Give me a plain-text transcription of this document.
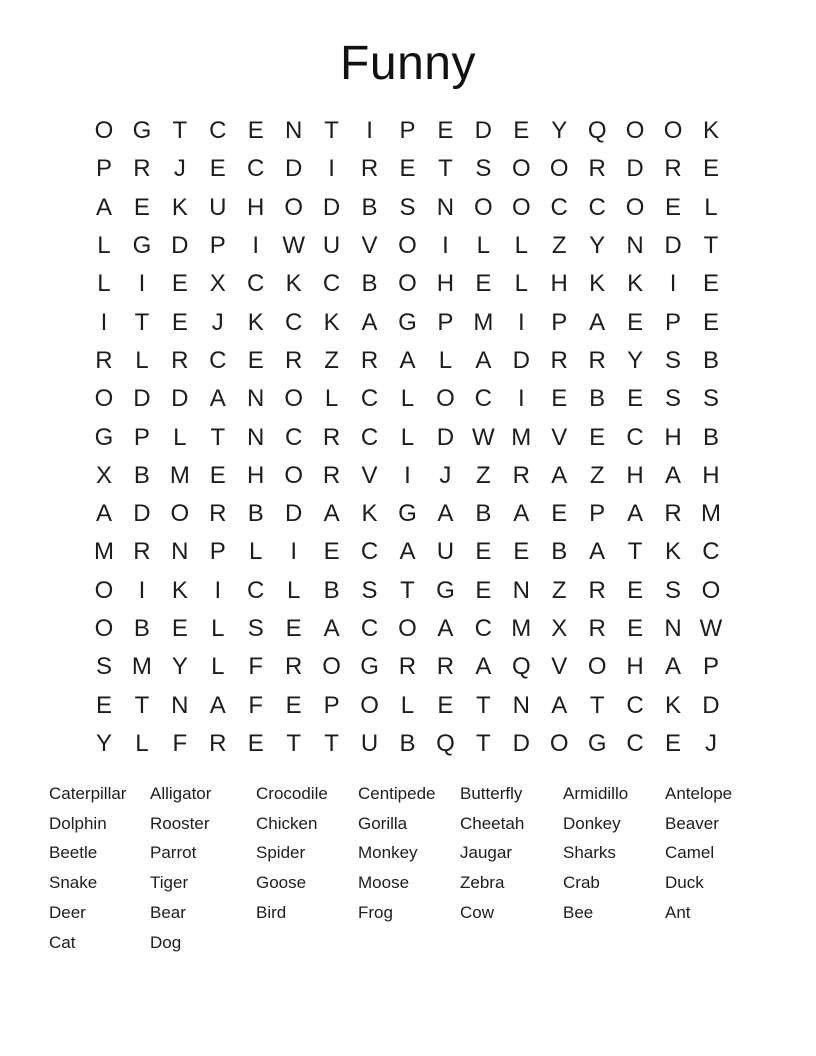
Funny
O G T C E N T	I	P E D E Y Q O O K
P R J E C D	I	R E T S O O R D R E
A E K U H O D B S N O O C C O E L
L G D P	I W U V O	I	L	L Z Y N D T
L	I	E X C K C B O H E L H K K	I	E
I	T E J K C K A G P M	I	P A E P E
R L R C E R Z R A L A D R R Y S B
O D D A N O L C L O C	I	E B E S S
G P L T N C R C L D W M V E C H B
X B M E H O R V	I	J	Z R A Z H A H
A D O R B D A K G A B A E P A R M
M R N P L	I	E C A U E E B A T K C
O	I	K	I	C L B S T G E N Z R E S O
O B E L S E A C O A C M X R E N W
S M Y L F R O G R R A Q V O H A P
E T N A F E P O L E T N A T C K D
Y L F R E T T U B Q T D O G C E J
Caterpillar	Alligator	Crocodile	Centipede	Butterfly	Armidillo	Antelope
Dolphin	Rooster	Chicken	Gorilla	Cheetah	Donkey	Beaver
Beetle	Parrot	Spider	Monkey	Jaugar	Sharks	Camel
Snake	Tiger	Goose	Moose	Zebra	Crab	Duck
Deer	Bear	Bird	Frog	Cow	Bee	Ant
Cat	Dog
